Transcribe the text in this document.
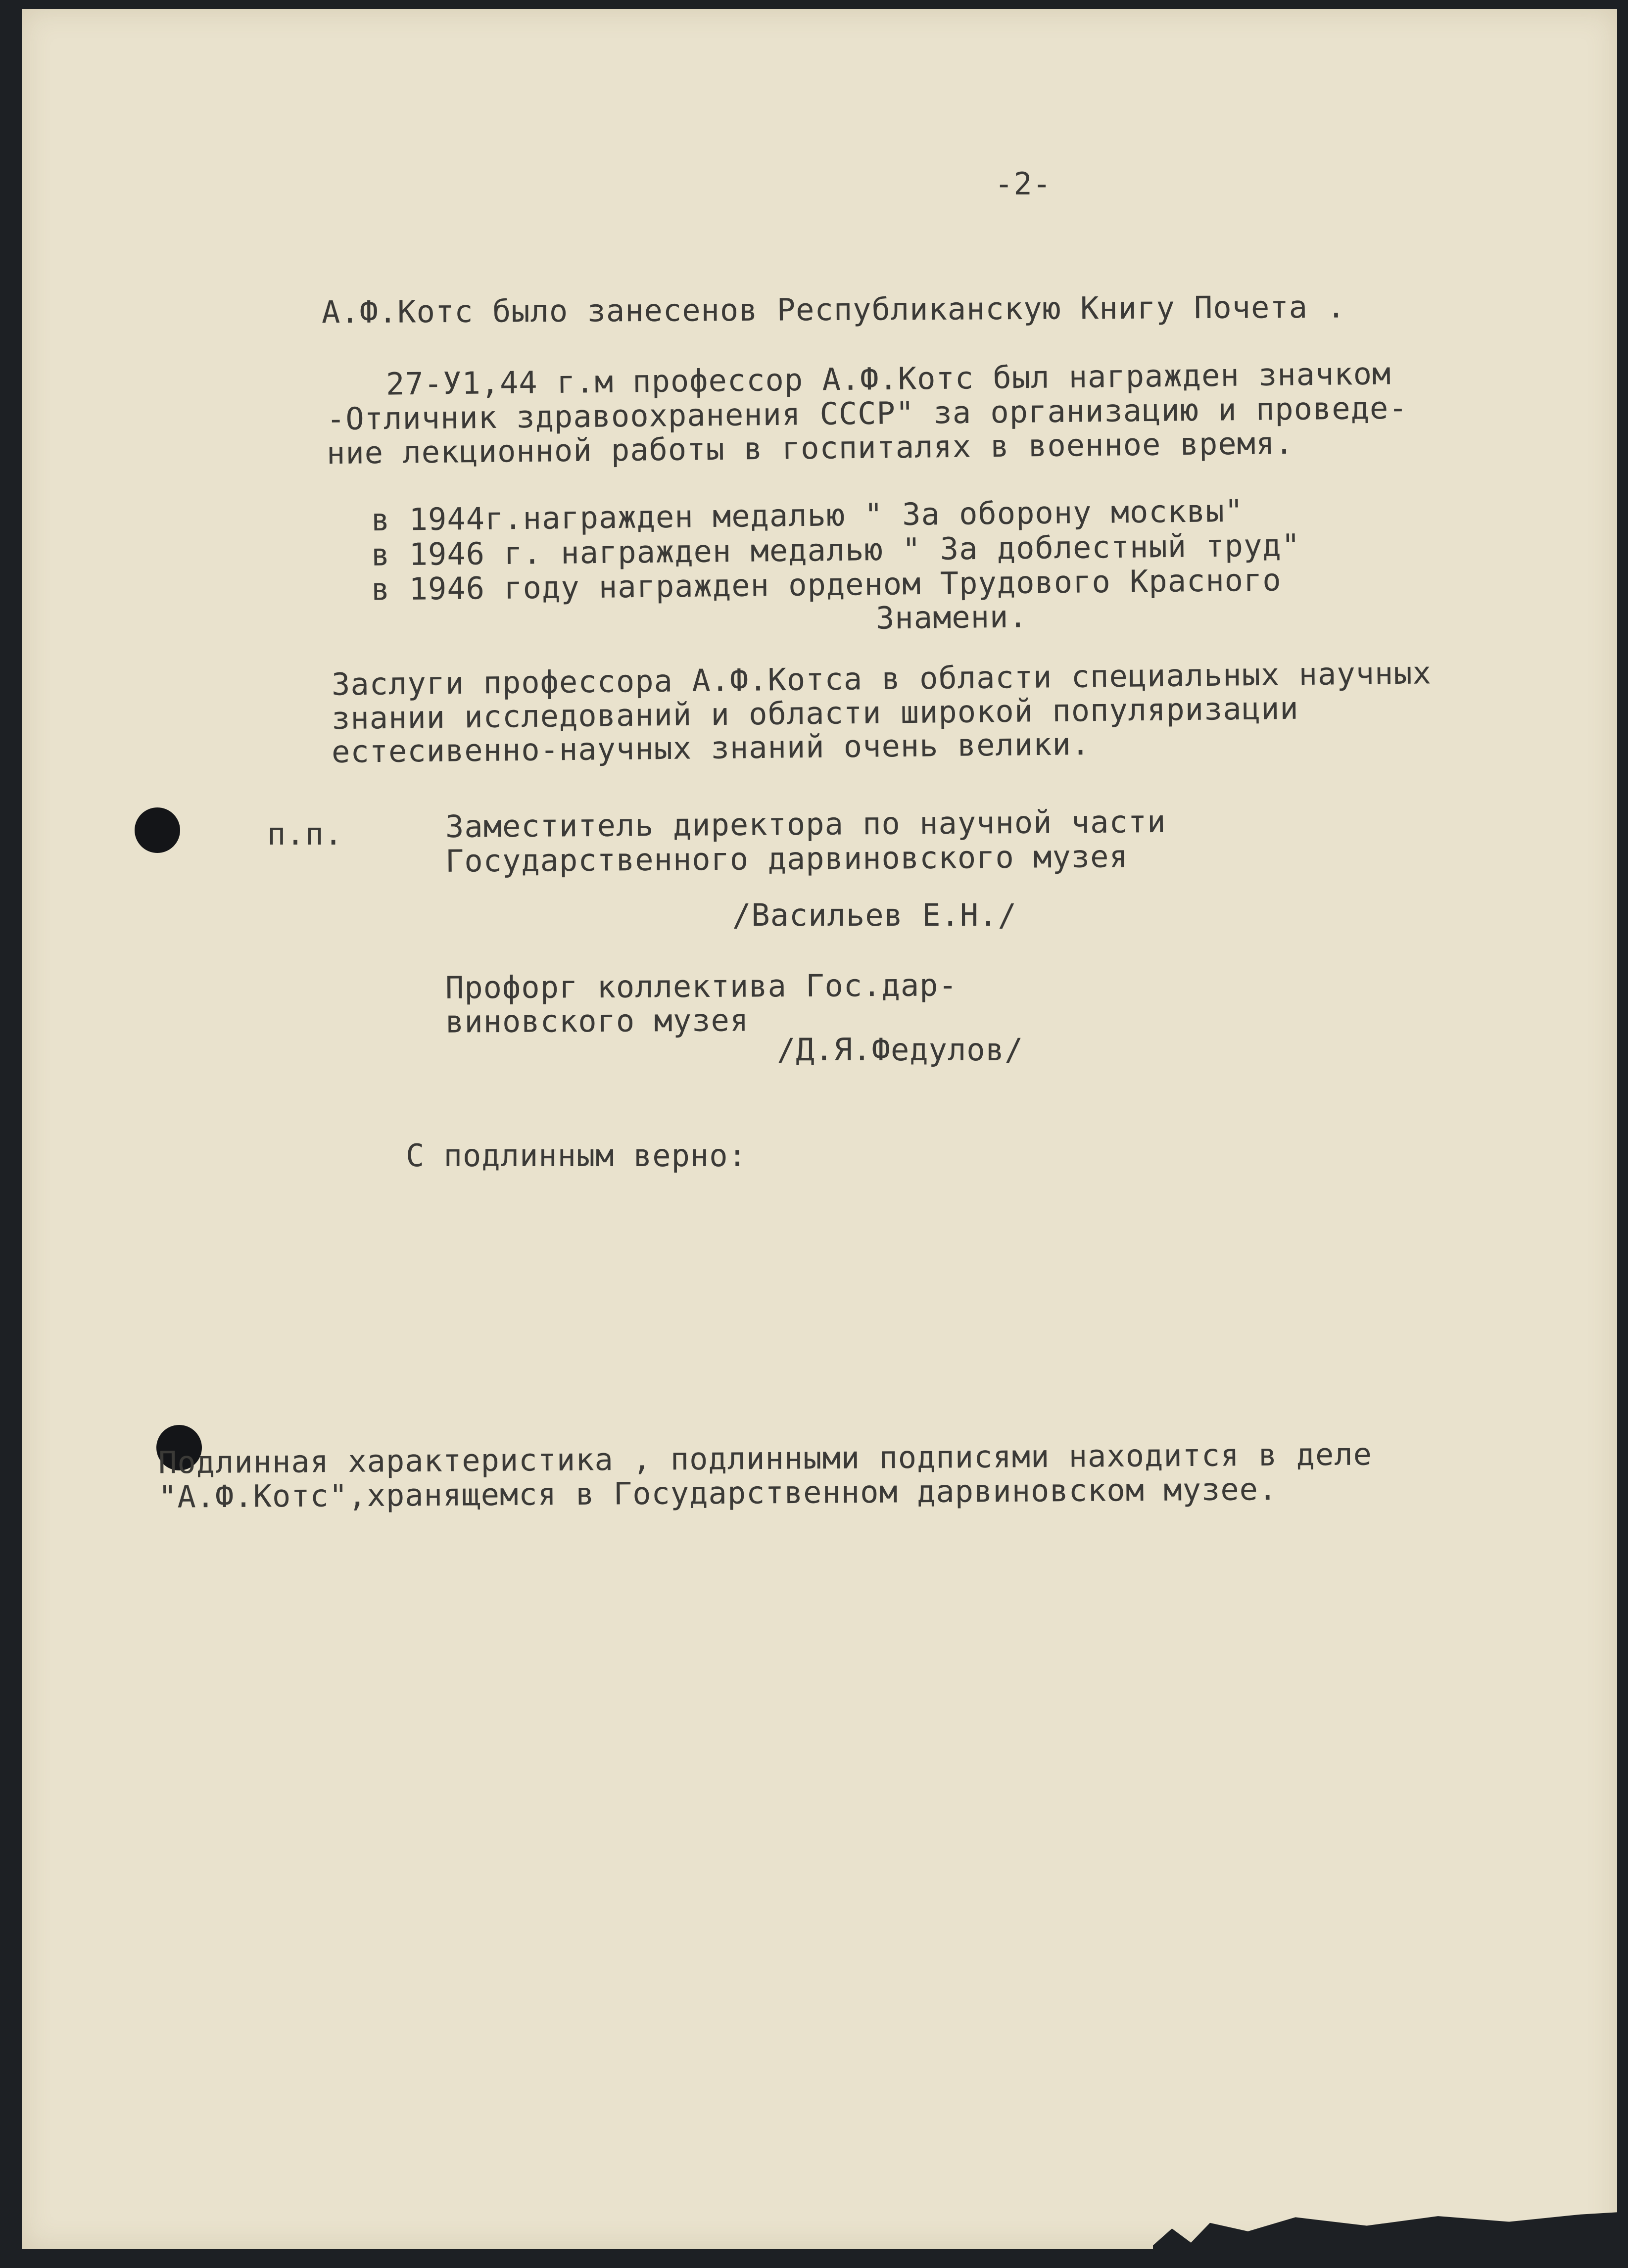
-2-

А.Ф.Котс было занесенов Республиканскую Книгу Почета .

27-У1,44 г.м профессор А.Ф.Котс был награжден значком

-Отличник здравоохранения СССР" за организацию и проведе-

ние лекционной работы в госпиталях в военное время.

в 1944г.награжден медалью " За оборону москвы"

в 1946 г. награжден медалью " За доблестный труд"

в 1946 году награжден орденом Трудового Красного

Знамени.

Заслуги профессора А.Ф.Котса в области специальных научных

знании исследований и области широкой популяризации

естесивенно-научных знаний очень велики.

п.п.	Заместитель директора по научной части

Государственного дарвиновского музея

/Васильев Е.Н./

Профорг коллектива Гос.дар-

виновского музея

/Д.Я.Федулов/

С подлинным верно:

Подлинная характеристика , подлинными подписями находится в деле

"А.Ф.Котс",хранящемся в Государственном дарвиновском музее.
